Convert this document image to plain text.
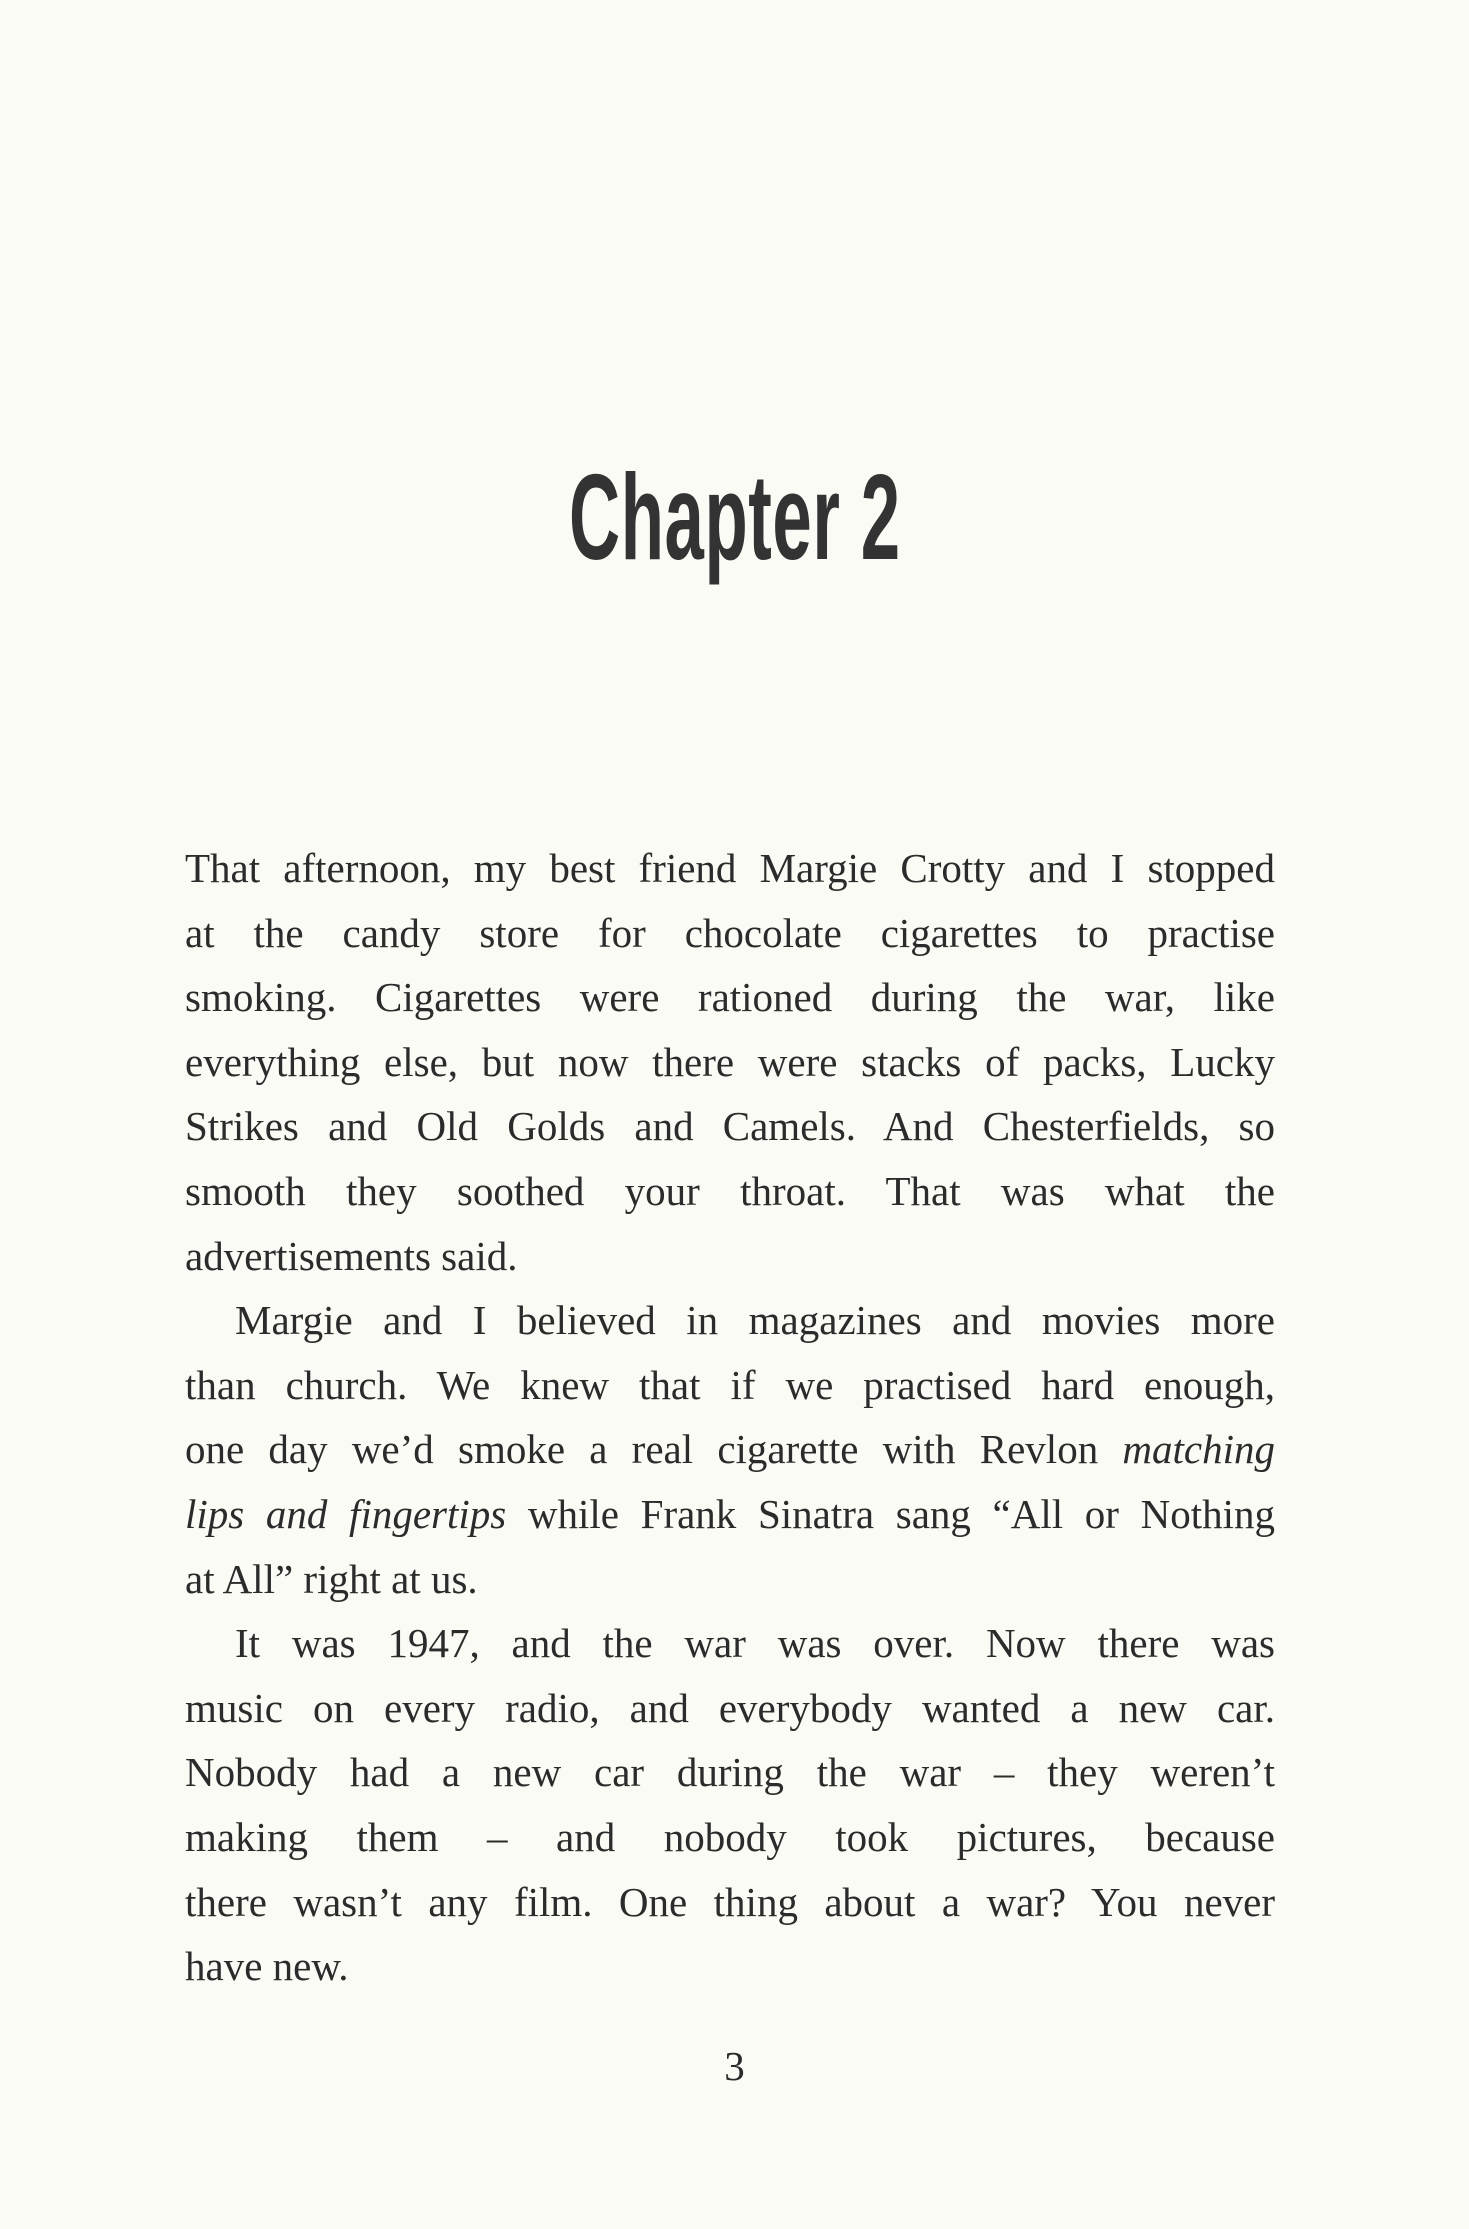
Chapter 2
That afternoon, my best friend Margie Crotty and I stopped
at the candy store for chocolate cigarettes to practise
smoking. Cigarettes were rationed during the war, like
everything else, but now there were stacks of packs, Lucky
Strikes and Old Golds and Camels. And Chesterfields, so
smooth they soothed your throat. That was what the
advertisements said.
Margie and I believed in magazines and movies more
than church. We knew that if we practised hard enough,
one day we’d smoke a real cigarette with Revlon matching
lips and fingertips while Frank Sinatra sang “All or Nothing
at All” right at us.
It was 1947, and the war was over. Now there was
music on every radio, and everybody wanted a new car.
Nobody had a new car during the war – they weren’t
making them – and nobody took pictures, because
there wasn’t any film. One thing about a war? You never
have new.
3
